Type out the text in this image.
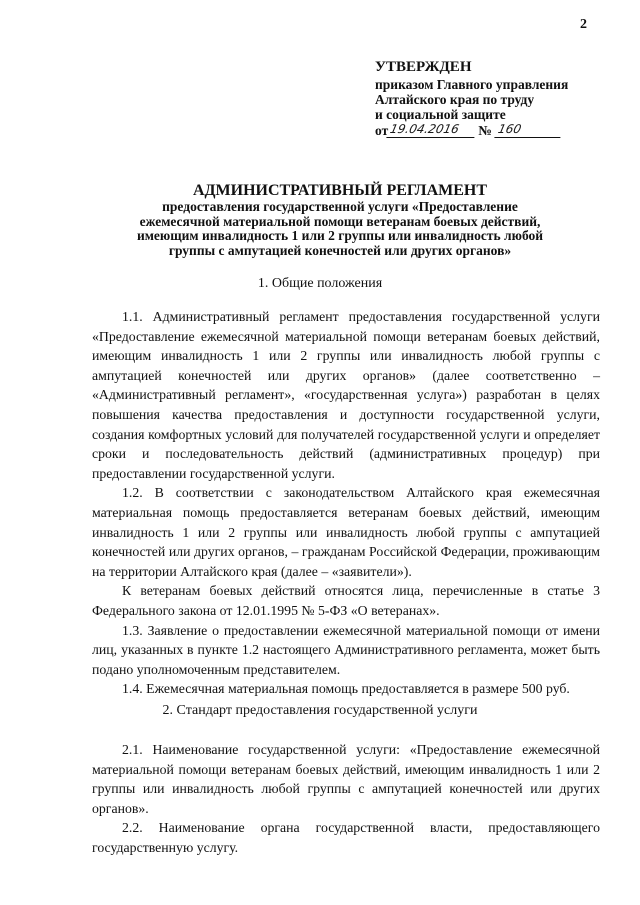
2
УТВЕРЖДЕН
приказом Главного управления
Алтайского края по труду
и социальной защите
от 19.04.2016	№ 160
АДМИНИСТРАТИВНЫЙ РЕГЛАМЕНТ
предоставления государственной услуги «Предоставление
ежемесячной материальной помощи ветеранам боевых действий,
имеющим инвалидность 1 или 2 группы или инвалидность любой
группы с ампутацией конечностей или других органов»
1. Общие положения

1.1. Административный регламент предоставления государственной услуги «Предоставление ежемесячной материальной помощи ветеранам боевых действий, имеющим инвалидность 1 или 2 группы или инвалидность любой группы с ампутацией конечностей или других органов» (далее соответственно – «Административный регламент», «государственная услуга») разработан в целях повышения качества предоставления и доступности государственной услуги, создания комфортных условий для получателей государственной услуги и определяет сроки и последовательность действий (административных процедур) при предоставлении государственной услуги.

1.2. В соответствии с законодательством Алтайского края ежемесячная материальная помощь предоставляется ветеранам боевых действий, имеющим инвалидность 1 или 2 группы или инвалидность любой группы с ампутацией конечностей или других органов, – гражданам Российской Федерации, проживающим на территории Алтайского края (далее – «заявители»).

К ветеранам боевых действий относятся лица, перечисленные в статье 3 Федерального закона от 12.01.1995 № 5-ФЗ «О ветеранах».

1.3. Заявление о предоставлении ежемесячной материальной помощи от имени лиц, указанных в пункте 1.2 настоящего Административного регламента, может быть подано уполномоченным представителем.

1.4. Ежемесячная материальная помощь предоставляется в размере 500 руб.

2. Стандарт предоставления государственной услуги

2.1. Наименование государственной услуги: «Предоставление ежемесячной материальной помощи ветеранам боевых действий, имеющим инвалидность 1 или 2 группы или инвалидность любой группы с ампутацией конечностей или других органов».

2.2. Наименование органа государственной власти, предоставляющего государственную услугу.
